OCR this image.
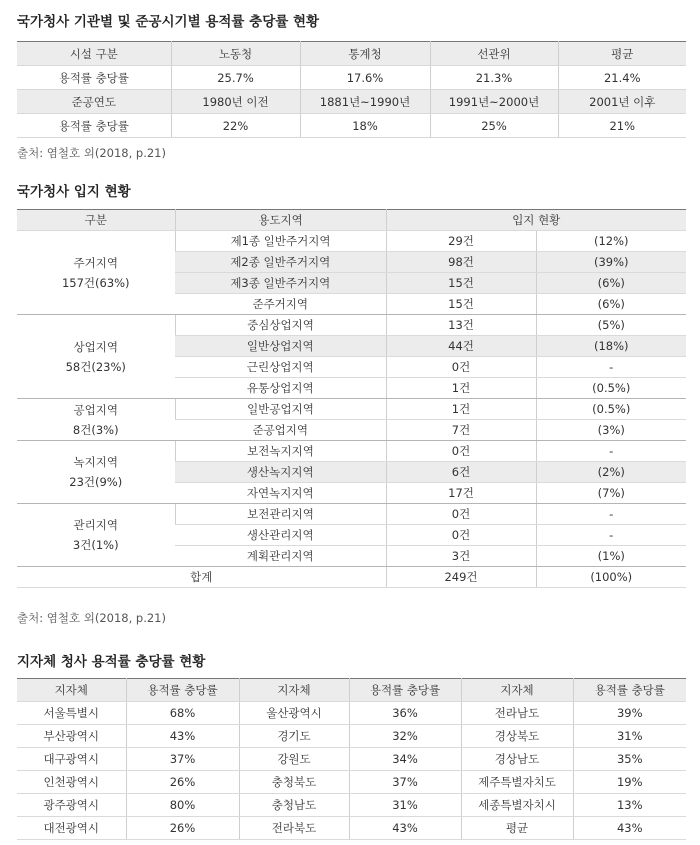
국가청사 기관별 및 준공시기별 용적률 충당률 현황
시설 구분	노동청	통계청	선관위	평균
용적률 충당률	25.7%	17.6%	21.3%	21.4%
준공연도	1980년 이전	1881년~1990년	1991년~2000년	2001년 이후
용적률 충당률	22%	18%	25%	21%
출처: 염철호 외(2018, p.21)
국가청사 입지 현황
구분	용도지역	입지 현황	

주거지역
157건(63%)	제1종 일반주거지역	29건	(12%)
	제2종 일반주거지역	98건	(39%)
	제3종 일반주거지역	15건	(6%)
	준주거지역	15건	(6%)

상업지역
58건(23%)	중심상업지역	13건	(5%)
	일반상업지역	44건	(18%)
	근린상업지역	0건	-
	유통상업지역	1건	(0.5%)

공업지역
8건(3%)	일반공업지역	1건	(0.5%)
	준공업지역	7건	(3%)

녹지지역
23건(9%)	보전녹지지역	0건	-
	생산녹지지역	6건	(2%)
	자연녹지지역	17건	(7%)

관리지역
3건(1%)	보전관리지역	0건	-
	생산관리지역	0건	-
	계획관리지역	3건	(1%)
합계		249건	(100%)
출처: 염철호 외(2018, p.21)
지자체 청사 용적률 충당률 현황
지자체	용적률 충당률	지자체	용적률 충당률	지자체	용적률 충당률
서울특별시	68%	울산광역시	36%	전라남도	39%
부산광역시	43%	경기도	32%	경상북도	31%
대구광역시	37%	강원도	34%	경상남도	35%
인천광역시	26%	충청북도	37%	제주특별자치도	19%
광주광역시	80%	충청남도	31%	세종특별자치시	13%
대전광역시	26%	전라북도	43%	평균	43%
